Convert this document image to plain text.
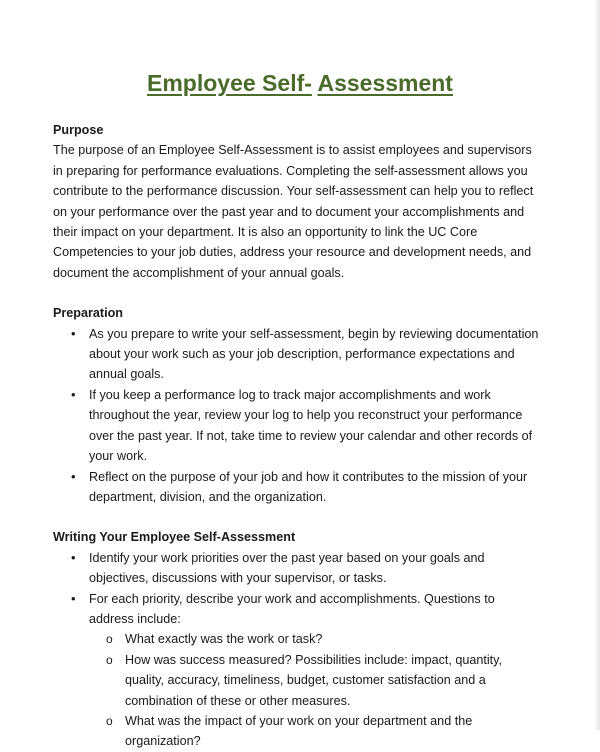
Employee Self- Assessment
Purpose

The purpose of an Employee Self-Assessment is to assist employees and supervisors in preparing for performance evaluations. Completing the self-assessment allows you contribute to the performance discussion. Your self-assessment can help you to reflect on your performance over the past year and to document your accomplishments and their impact on your department. It is also an opportunity to link the UC Core Competencies to your job duties, address your resource and development needs, and document the accomplishment of your annual goals.

Preparation
• As you prepare to write your self-assessment, begin by reviewing documentation about your work such as your job description, performance expectations and annual goals.
• If you keep a performance log to track major accomplishments and work throughout the year, review your log to help you reconstruct your performance over the past year. If not, take time to review your calendar and other records of your work.
• Reflect on the purpose of your job and how it contributes to the mission of your department, division, and the organization.
Writing Your Employee Self-Assessment
• Identify your work priorities over the past year based on your goals and objectives, discussions with your supervisor, or tasks.
• For each priority, describe your work and accomplishments. Questions to address include:
o What exactly was the work or task?
o How was success measured? Possibilities include: impact, quantity, quality, accuracy, timeliness, budget, customer satisfaction and a combination of these or other measures.
o What was the impact of your work on your department and the organization?
